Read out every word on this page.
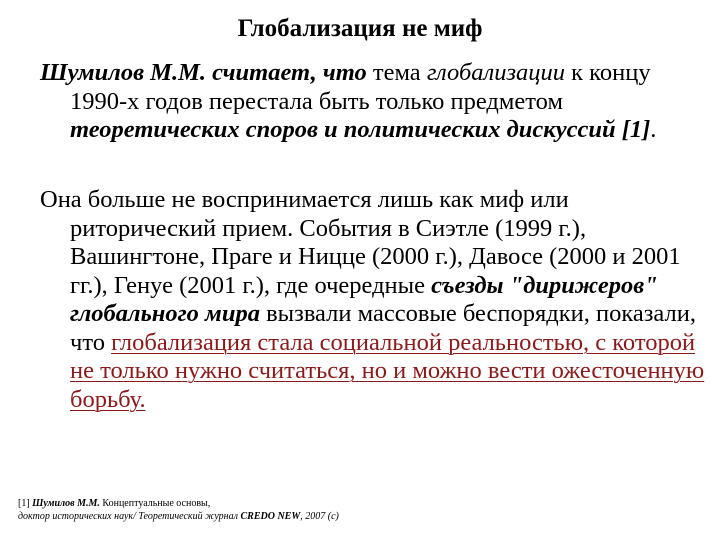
Глобализация не миф
Шумилов М.М. считает, что тема глобализации к концу 1990-х годов перестала быть только предметом теоретических споров и политических дискуссий [1].
Она больше не воспринимается лишь как миф или риторический прием. События в Сиэтле (1999 г.), Вашингтоне, Праге и Ницце (2000 г.), Давосе (2000 и 2001 гг.), Генуе (2001 г.), где очередные съезды "дирижеров" глобального мира вызвали массовые беспорядки, показали, что глобализация стала социальной реальностью, с которой не только нужно считаться, но и можно вести ожесточенную борьбу.
[1] Шумилов М.М. Концептуальные основы,
доктор исторических наук/ Теоретический журнал CREDO NEW, 2007 (с)
